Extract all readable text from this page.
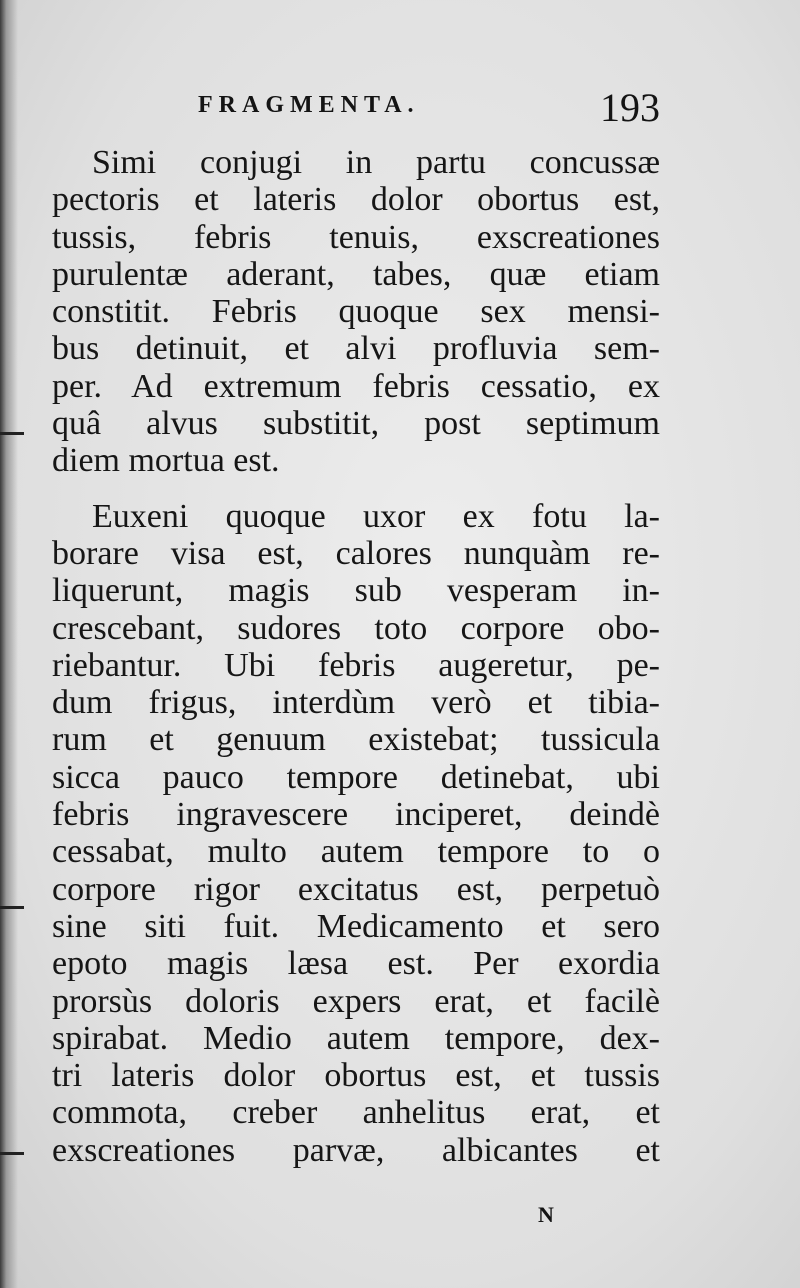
FRAGMENTA.	193
Simi conjugi in partu concussæ
pectoris et lateris dolor obortus est,
tussis, febris tenuis, exscreationes
purulentæ aderant, tabes, quæ etiam
constitit. Febris quoque sex mensi-
bus detinuit, et alvi profluvia sem-
per. Ad extremum febris cessatio, ex
quâ alvus substitit, post septimum
diem mortua est.
Euxeni quoque uxor ex fotu la-
borare visa est, calores nunquàm re-
liquerunt, magis sub vesperam in-
crescebant, sudores toto corpore obo-
riebantur. Ubi febris augeretur, pe-
dum frigus, interdùm verò et tibia-
rum et genuum existebat; tussicula
sicca pauco tempore detinebat, ubi
febris ingravescere inciperet, deindè
cessabat, multo autem tempore to o
corpore rigor excitatus est, perpetuò
sine siti fuit. Medicamento et sero
epoto magis læsa est. Per exordia
prorsùs doloris expers erat, et facilè
spirabat. Medio autem tempore, dex-
tri lateris dolor obortus est, et tussis
commota, creber anhelitus erat, et
exscreationes parvæ, albicantes et
N
